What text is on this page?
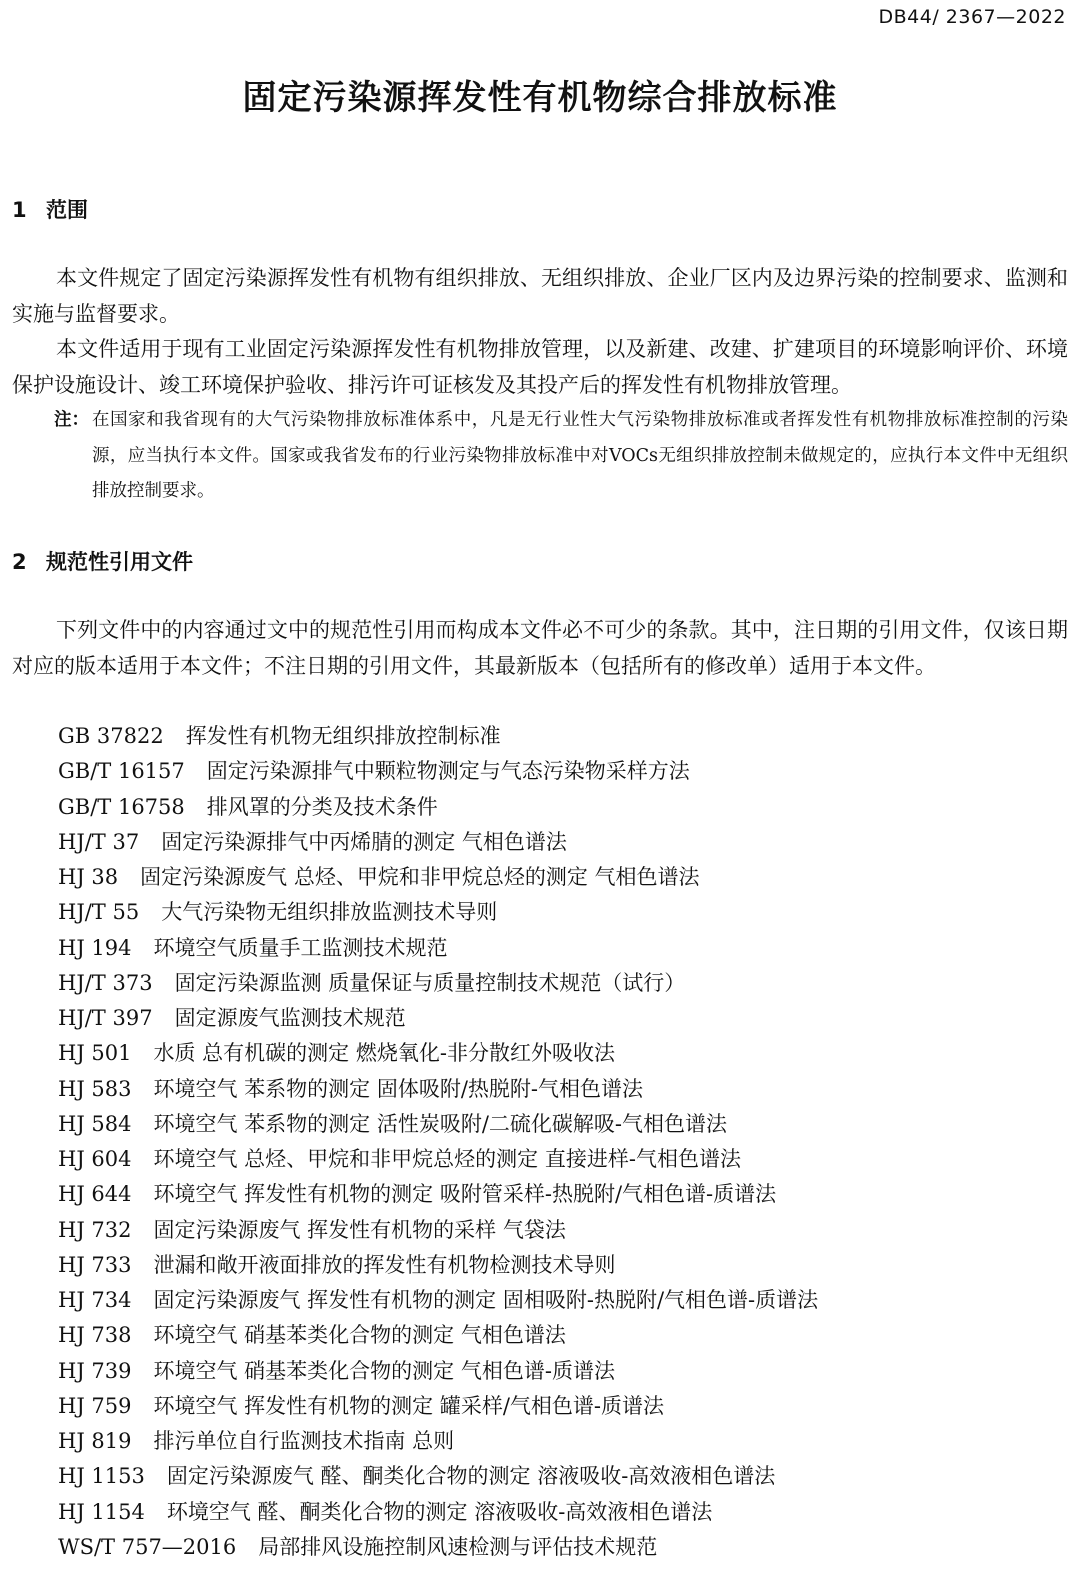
DB44/ 2367—2022
固定污染源挥发性有机物综合排放标准
1 范围
本文件规定了固定污染源挥发性有机物有组织排放、无组织排放、企业厂区内及边界污染的控制要求、监测和实施与监督要求。
本文件适用于现有工业固定污染源挥发性有机物排放管理，以及新建、改建、扩建项目的环境影响评价、环境保护设施设计、竣工环境保护验收、排污许可证核发及其投产后的挥发性有机物排放管理。
注： 在国家和我省现有的大气污染物排放标准体系中，凡是无行业性大气污染物排放标准或者挥发性有机物排放标准控制的污染源，应当执行本文件。国家或我省发布的行业污染物排放标准中对VOCs无组织排放控制未做规定的，应执行本文件中无组织排放控制要求。
2 规范性引用文件
下列文件中的内容通过文中的规范性引用而构成本文件必不可少的条款。其中，注日期的引用文件，仅该日期对应的版本适用于本文件；不注日期的引用文件，其最新版本（包括所有的修改单）适用于本文件。
GB 37822 挥发性有机物无组织排放控制标准
GB/T 16157 固定污染源排气中颗粒物测定与气态污染物采样方法
GB/T 16758 排风罩的分类及技术条件
HJ/T 37 固定污染源排气中丙烯腈的测定 气相色谱法
HJ 38 固定污染源废气 总烃、甲烷和非甲烷总烃的测定 气相色谱法
HJ/T 55 大气污染物无组织排放监测技术导则
HJ 194 环境空气质量手工监测技术规范
HJ/T 373 固定污染源监测 质量保证与质量控制技术规范（试行）
HJ/T 397 固定源废气监测技术规范
HJ 501 水质 总有机碳的测定 燃烧氧化-非分散红外吸收法
HJ 583 环境空气 苯系物的测定 固体吸附/热脱附-气相色谱法
HJ 584 环境空气 苯系物的测定 活性炭吸附/二硫化碳解吸-气相色谱法
HJ 604 环境空气 总烃、甲烷和非甲烷总烃的测定 直接进样-气相色谱法
HJ 644 环境空气 挥发性有机物的测定 吸附管采样-热脱附/气相色谱-质谱法
HJ 732 固定污染源废气 挥发性有机物的采样 气袋法
HJ 733 泄漏和敞开液面排放的挥发性有机物检测技术导则
HJ 734 固定污染源废气 挥发性有机物的测定 固相吸附-热脱附/气相色谱-质谱法
HJ 738 环境空气 硝基苯类化合物的测定 气相色谱法
HJ 739 环境空气 硝基苯类化合物的测定 气相色谱-质谱法
HJ 759 环境空气 挥发性有机物的测定 罐采样/气相色谱-质谱法
HJ 819 排污单位自行监测技术指南 总则
HJ 1153 固定污染源废气 醛、酮类化合物的测定 溶液吸收-高效液相色谱法
HJ 1154 环境空气 醛、酮类化合物的测定 溶液吸收-高效液相色谱法
WS/T 757—2016 局部排风设施控制风速检测与评估技术规范
